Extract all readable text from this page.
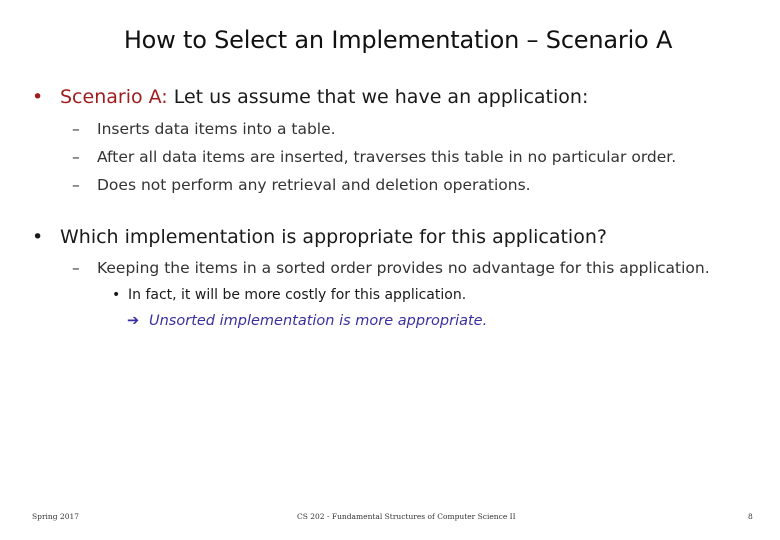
How to Select an Implementation – Scenario A
• Scenario A: Let us assume that we have an application:
– Inserts data items into a table.
– After all data items are inserted, traverses this table in no particular order.
– Does not perform any retrieval and deletion operations.
• Which implementation is appropriate for this application?
– Keeping the items in a sorted order provides no advantage for this application.
• In fact, it will be more costly for this application.
➔ Unsorted implementation is more appropriate.
Spring 2017	CS 202 - Fundamental Structures of Computer Science II	8
